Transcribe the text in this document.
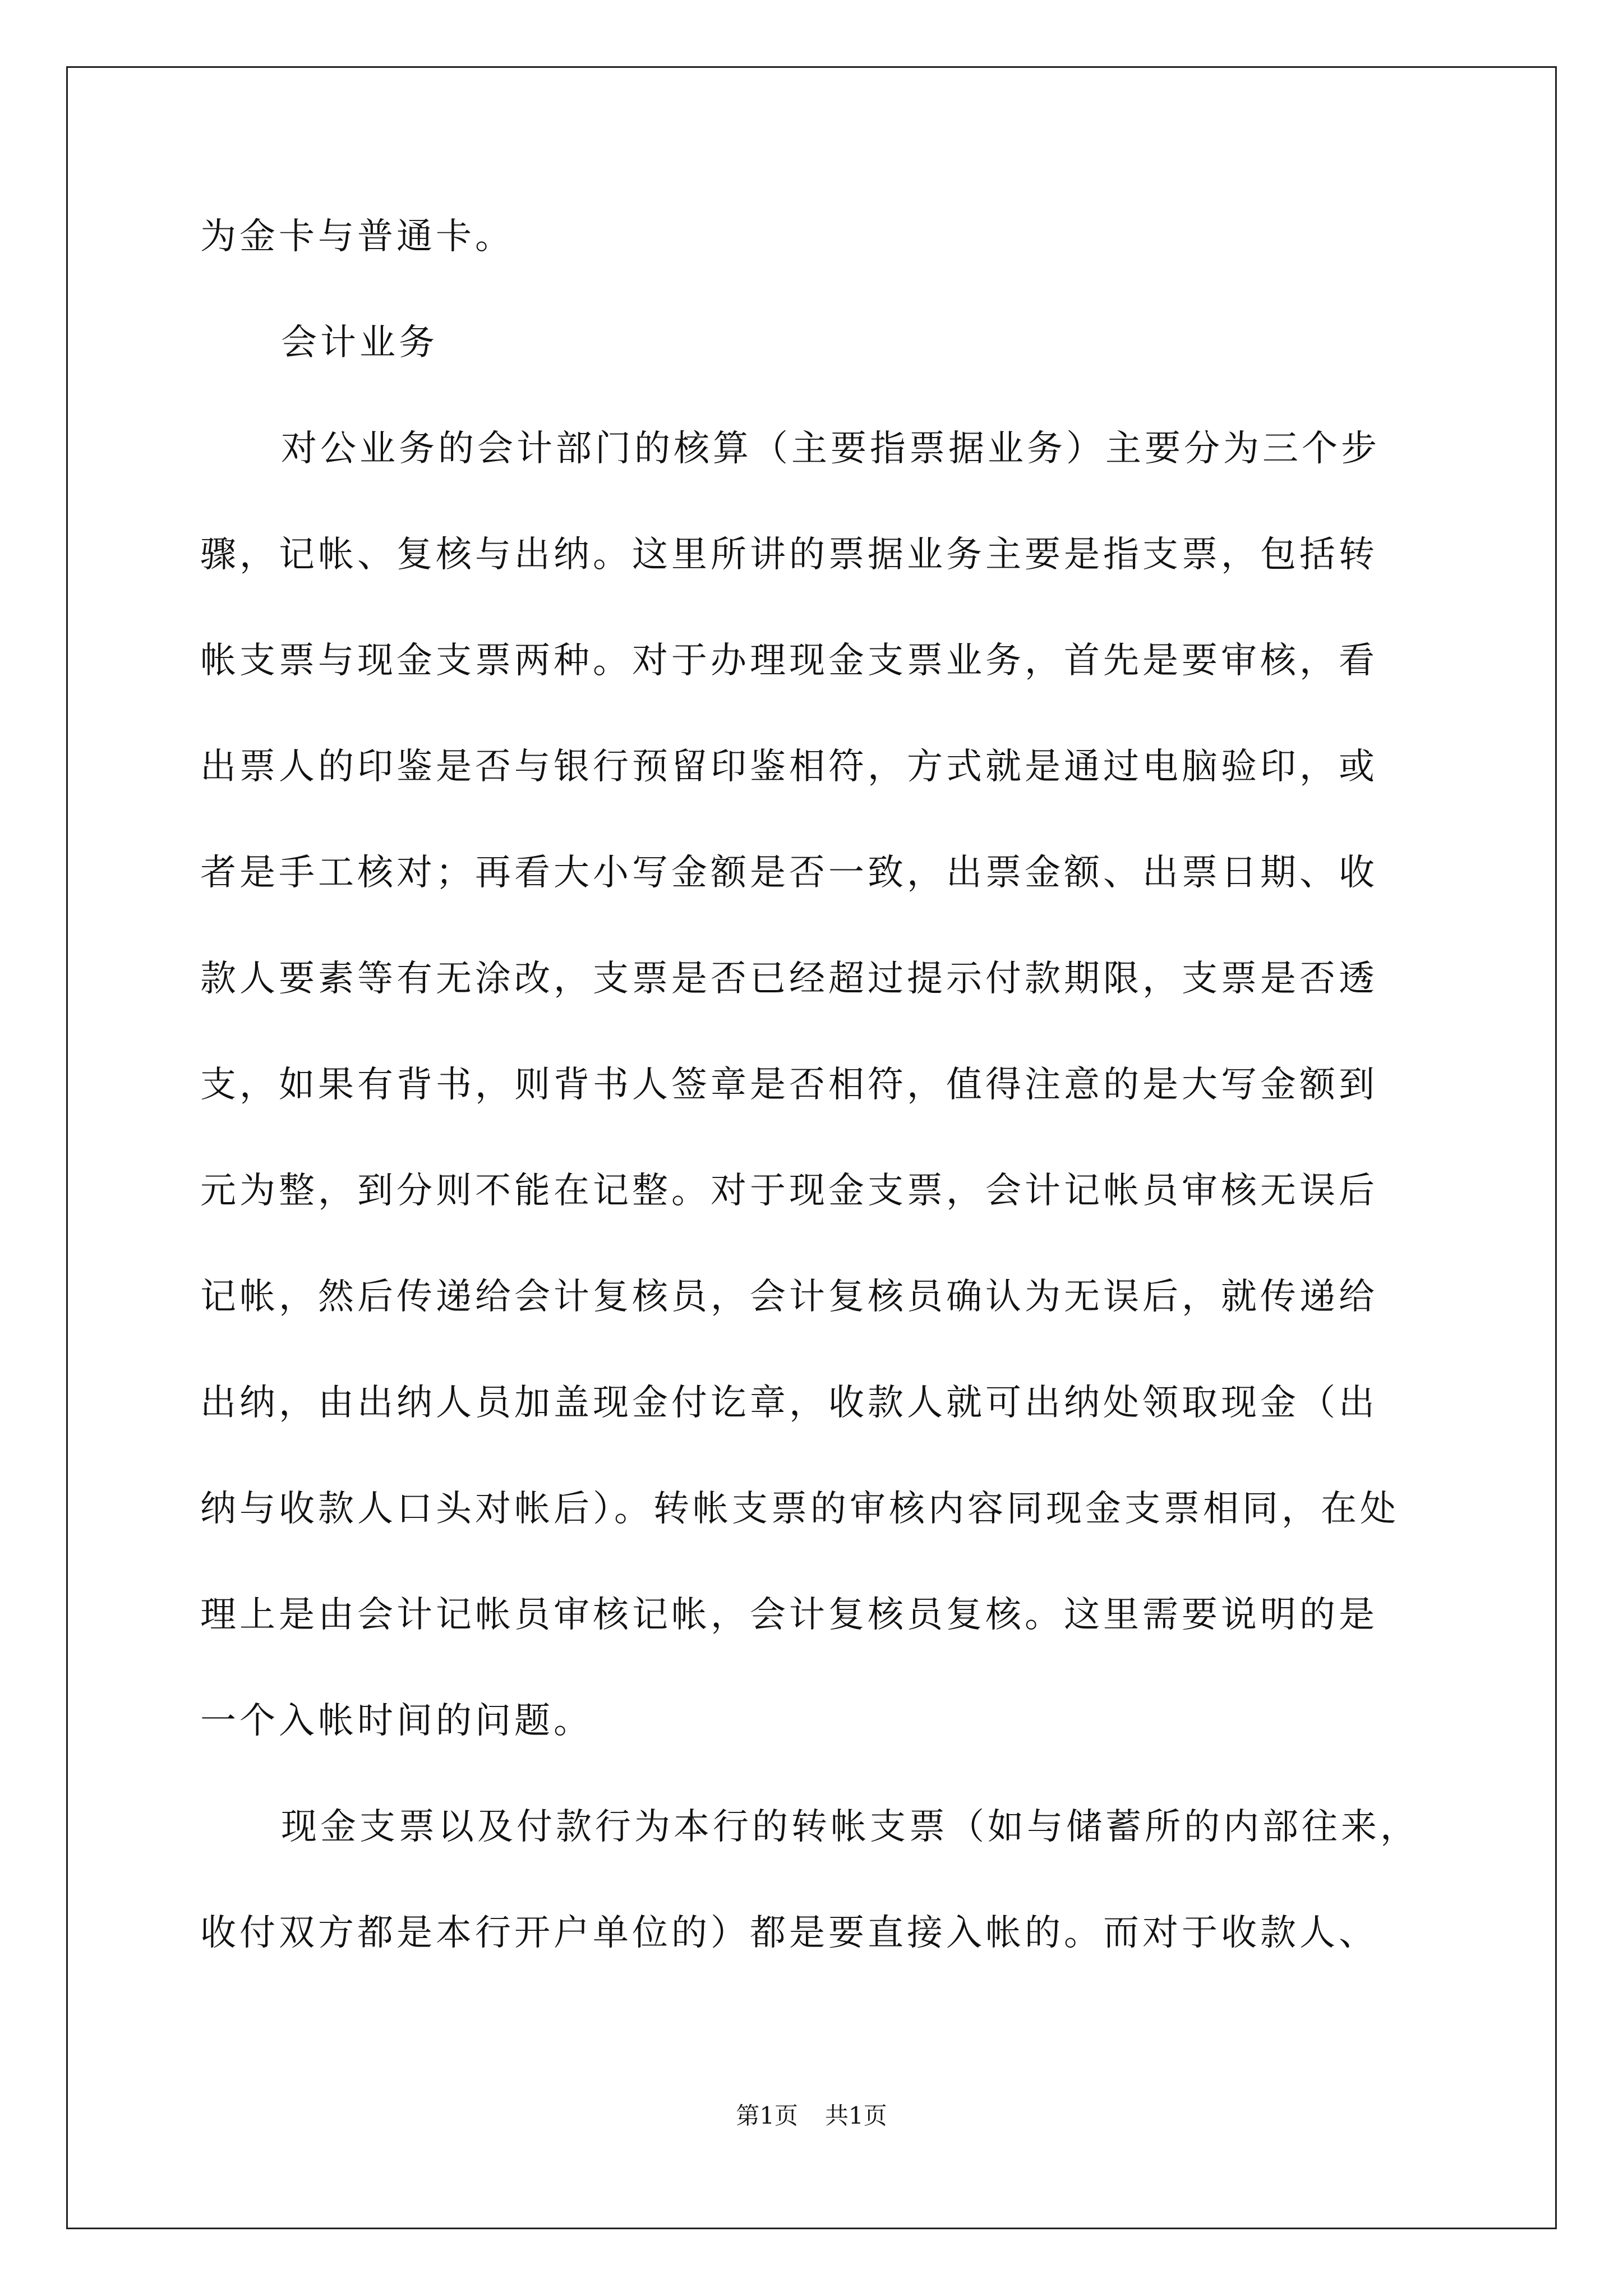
为金卡与普通卡。
会计业务
对公业务的会计部门的核算（主要指票据业务）主要分为三个步
骤，记帐、复核与出纳。这里所讲的票据业务主要是指支票，包括转
帐支票与现金支票两种。对于办理现金支票业务，首先是要审核，看
出票人的印鉴是否与银行预留印鉴相符，方式就是通过电脑验印，或
者是手工核对；再看大小写金额是否一致，出票金额、出票日期、收
款人要素等有无涂改，支票是否已经超过提示付款期限，支票是否透
支，如果有背书，则背书人签章是否相符，值得注意的是大写金额到
元为整，到分则不能在记整。对于现金支票，会计记帐员审核无误后
记帐，然后传递给会计复核员，会计复核员确认为无误后，就传递给
出纳，由出纳人员加盖现金付讫章，收款人就可出纳处领取现金（出
纳与收款人口头对帐后）。转帐支票的审核内容同现金支票相同，在处
理上是由会计记帐员审核记帐，会计复核员复核。这里需要说明的是
一个入帐时间的问题。
现金支票以及付款行为本行的转帐支票（如与储蓄所的内部往来，
收付双方都是本行开户单位的）都是要直接入帐的。而对于收款人、
第1页 共1页
